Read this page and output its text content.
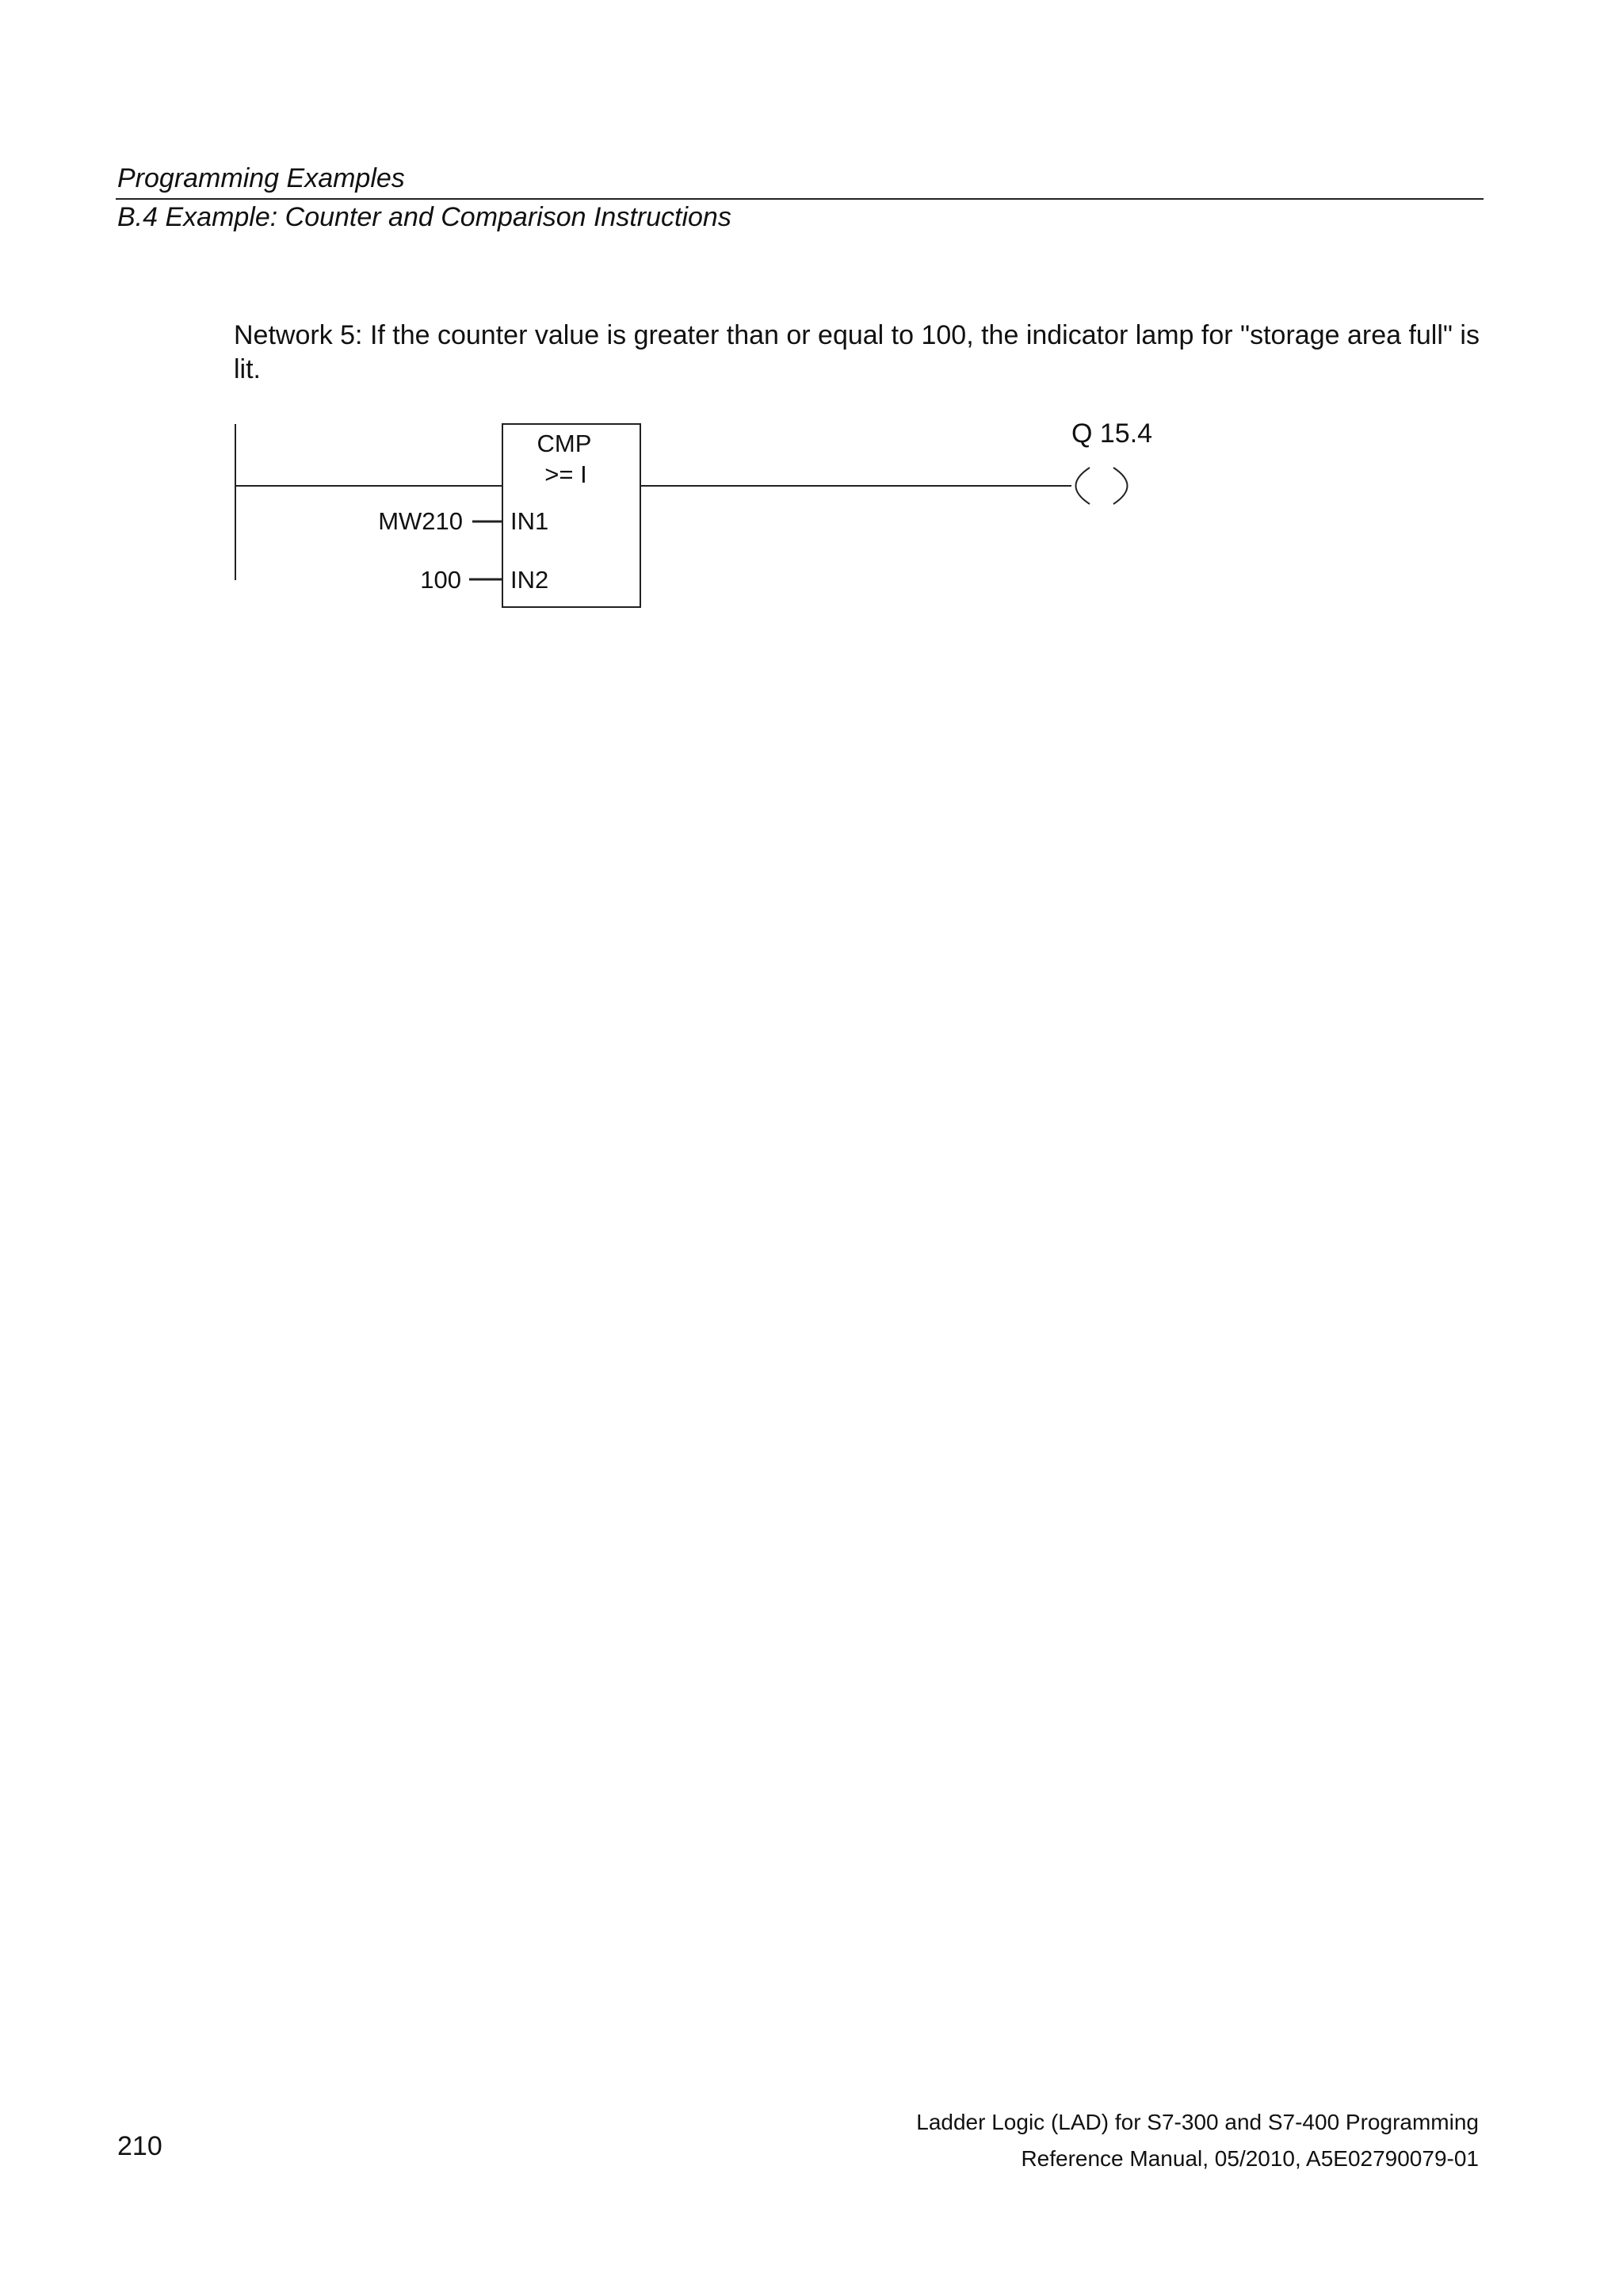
Programming Examples
B.4 Example: Counter and Comparison Instructions

Network 5: If the counter value is greater than or equal to 100, the indicator lamp for "storage area full" is lit.

CMP
>= I
IN1
MW210
IN2
100
Q 15.4
210
Ladder Logic (LAD) for S7-300 and S7-400 Programming
Reference Manual, 05/2010, A5E02790079-01
